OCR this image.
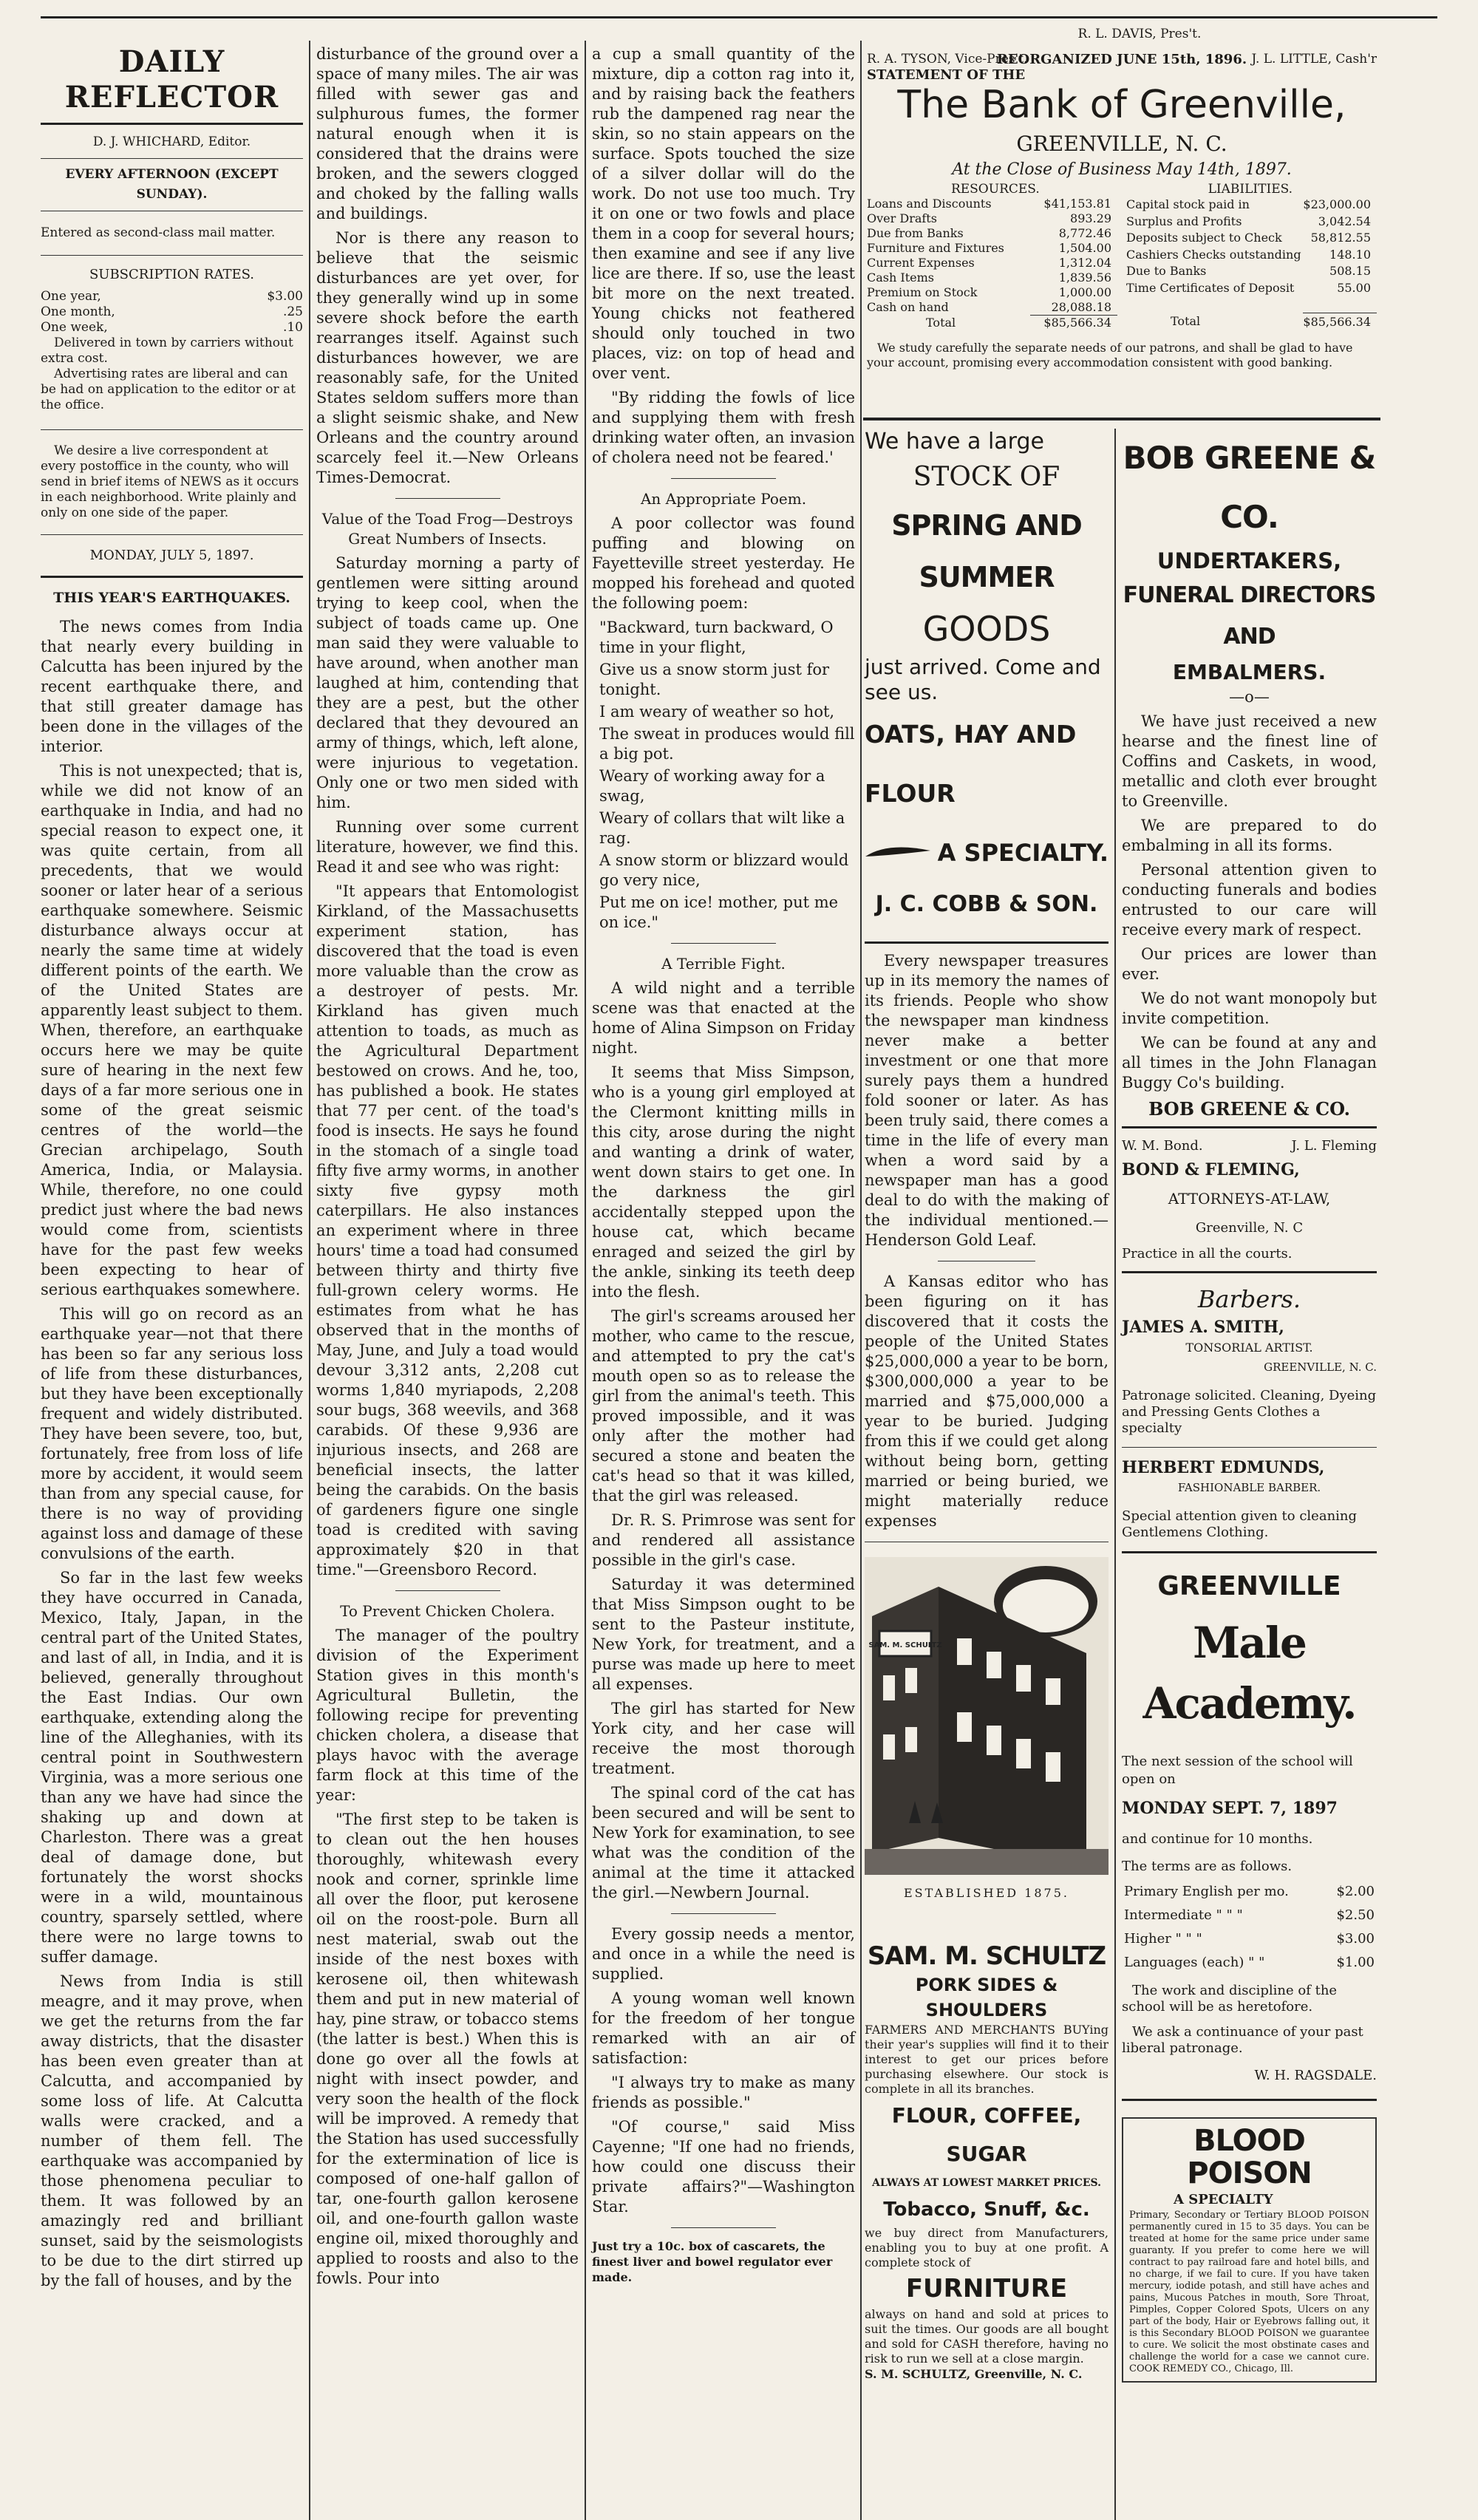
DAILY REFLECTOR
D. J. WHICHARD, Editor.
EVERY AFTERNOON (EXCEPT SUNDAY).
Entered as second-class mail matter.
SUBSCRIPTION RATES.
One year,	$3.00
One month,	.25
One week,	.10
Delivered in town by carriers without extra cost.
Advertising rates are liberal and can be had on application to the editor or at the office.
We desire a live correspondent at every postoffice in the county, who will send in brief items of NEWS as it occurs in each neighborhood. Write plainly and only on one side of the paper.
MONDAY, JULY 5, 1897.
THIS YEAR'S EARTHQUAKES.

The news comes from India that nearly every building in Calcutta has been injured by the recent earthquake there, and that still greater damage has been done in the villages of the interior.

This is not unexpected; that is, while we did not know of an earthquake in India, and had no special reason to expect one, it was quite certain, from all precedents, that we would sooner or later hear of a serious earthquake somewhere. Seismic disturbance always occur at nearly the same time at widely different points of the earth. We of the United States are apparently least subject to them. When, therefore, an earthquake occurs here we may be quite sure of hearing in the next few days of a far more serious one in some of the great seismic centres of the world—the Grecian archipelago, South America, India, or Malaysia. While, therefore, no one could predict just where the bad news would come from, scientists have for the past few weeks been expecting to hear of serious earthquakes somewhere.

This will go on record as an earthquake year—not that there has been so far any serious loss of life from these disturbances, but they have been exceptionally frequent and widely distributed. They have been severe, too, but, fortunately, free from loss of life more by accident, it would seem than from any special cause, for there is no way of providing against loss and damage of these convulsions of the earth.

So far in the last few weeks they have occurred in Canada, Mexico, Italy, Japan, in the central part of the United States, and last of all, in India, and it is believed, generally throughout the East Indias. Our own earthquake, extending along the line of the Alleghanies, with its central point in Southwestern Virginia, was a more serious one than any we have had since the shaking up and down at Charleston. There was a great deal of damage done, but fortunately the worst shocks were in a wild, mountainous country, sparsely settled, where there were no large towns to suffer damage.

News from India is still meagre, and it may prove, when we get the returns from the far away districts, that the disaster has been even greater than at Calcutta, and accompanied by some loss of life. At Calcutta walls were cracked, and a number of them fell. The earthquake was accompanied by those phenomena peculiar to them. It was followed by an amazingly red and brilliant sunset, said by the seismologists to be due to the dirt stirred up by the fall of houses, and by the

disturbance of the ground over a space of many miles. The air was filled with sewer gas and sulphurous fumes, the former natural enough when it is considered that the drains were broken, and the sewers clogged and choked by the falling walls and buildings.

Nor is there any reason to believe that the seismic disturbances are yet over, for they generally wind up in some severe shock before the earth rearranges itself. Against such disturbances however, we are reasonably safe, for the United States seldom suffers more than a slight seismic shake, and New Orleans and the country around scarcely feel it.—New Orleans Times-Democrat.

Value of the Toad Frog—Destroys Great Numbers of Insects.

Saturday morning a party of gentlemen were sitting around trying to keep cool, when the subject of toads came up. One man said they were valuable to have around, when another man laughed at him, contending that they are a pest, but the other declared that they devoured an army of things, which, left alone, were injurious to vegetation. Only one or two men sided with him.

Running over some current literature, however, we find this. Read it and see who was right:

"It appears that Entomologist Kirkland, of the Massachusetts experiment station, has discovered that the toad is even more valuable than the crow as a destroyer of pests. Mr. Kirkland has given much attention to toads, as much as the Agricultural Department bestowed on crows. And he, too, has published a book. He states that 77 per cent. of the toad's food is insects. He says he found in the stomach of a single toad fifty five army worms, in another sixty five gypsy moth caterpillars. He also instances an experiment where in three hours' time a toad had consumed between thirty and thirty five full-grown celery worms. He estimates from what he has observed that in the months of May, June, and July a toad would devour 3,312 ants, 2,208 cut worms 1,840 myriapods, 2,208 sour bugs, 368 weevils, and 368 carabids. Of these 9,936 are injurious insects, and 268 are beneficial insects, the latter being the carabids. On the basis of gardeners figure one single toad is credited with saving approximately $20 in that time."—Greensboro Record.

To Prevent Chicken Cholera.

The manager of the poultry division of the Experiment Station gives in this month's Agricultural Bulletin, the following recipe for preventing chicken cholera, a disease that plays havoc with the average farm flock at this time of the year:

"The first step to be taken is to clean out the hen houses thoroughly, whitewash every nook and corner, sprinkle lime all over the floor, put kerosene oil on the roost-pole. Burn all nest material, swab out the inside of the nest boxes with kerosene oil, then whitewash them and put in new material of hay, pine straw, or tobacco stems (the latter is best.) When this is done go over all the fowls at night with insect powder, and very soon the health of the flock will be improved. A remedy that the Station has used successfully for the extermination of lice is composed of one-half gallon of tar, one-fourth gallon kerosene oil, and one-fourth gallon waste engine oil, mixed thoroughly and applied to roosts and also to the fowls. Pour into

a cup a small quantity of the mixture, dip a cotton rag into it, and by raising back the feathers rub the dampened rag near the skin, so no stain appears on the surface. Spots touched the size of a silver dollar will do the work. Do not use too much. Try it on one or two fowls and place them in a coop for several hours; then examine and see if any live lice are there. If so, use the least bit more on the next treated. Young chicks not feathered should only touched in two places, viz: on top of head and over vent.

"By ridding the fowls of lice and supplying them with fresh drinking water often, an invasion of cholera need not be feared.'

An Appropriate Poem.

A poor collector was found puffing and blowing on Fayetteville street yesterday. He mopped his forehead and quoted the following poem:

"Backward, turn backward, O time in your flight,
Give us a snow storm just for tonight.
I am weary of weather so hot,
The sweat in produces would fill a big pot.
Weary of working away for a swag,
Weary of collars that wilt like a rag.
A snow storm or blizzard would go very nice,
Put me on ice! mother, put me on ice."
A Terrible Fight.

A wild night and a terrible scene was that enacted at the home of Alina Simpson on Friday night.

It seems that Miss Simpson, who is a young girl employed at the Clermont knitting mills in this city, arose during the night and wanting a drink of water, went down stairs to get one. In the darkness the girl accidentally stepped upon the house cat, which became enraged and seized the girl by the ankle, sinking its teeth deep into the flesh.

The girl's screams aroused her mother, who came to the rescue, and attempted to pry the cat's mouth open so as to release the girl from the animal's teeth. This proved impossible, and it was only after the mother had secured a stone and beaten the cat's head so that it was killed, that the girl was released.

Dr. R. S. Primrose was sent for and rendered all assistance possible in the girl's case.

Saturday it was determined that Miss Simpson ought to be sent to the Pasteur institute, New York, for treatment, and a purse was made up here to meet all expenses.

The girl has started for New York city, and her case will receive the most thorough treatment.

The spinal cord of the cat has been secured and will be sent to New York for examination, to see what was the condition of the animal at the time it attacked the girl.—Newbern Journal.

Every gossip needs a mentor, and once in a while the need is supplied.

A young woman well known for the freedom of her tongue remarked with an air of satisfaction:

"I always try to make as many friends as possible."

"Of course," said Miss Cayenne; "If one had no friends, how could one discuss their private affairs?"—Washington Star.

Just try a 10c. box of cascarets, the finest liver and bowel regulator ever made.
R. A. TYSON, Vice-Pres't.
R. L. DAVIS, Pres't.
J. L. LITTLE, Cash'r
REORGANIZED JUNE 15th, 1896.
STATEMENT OF THE
The Bank of Greenville,
GREENVILLE, N. C.
At the Close of Business May 14th, 1897.
RESOURCES.	LIABILITIES.
Loans and Discounts	$41,153.81
Over Drafts	893.29
Due from Banks	8,772.46
Furniture and Fixtures	1,504.00
Current Expenses	1,312.04
Cash Items	1,839.56
Premium on Stock	1,000.00
Cash on hand	28,088.18
Total	$85,566.34
Capital stock paid in	$23,000.00
Surplus and Profits	3,042.54
Deposits subject to Check	58,812.55
Cashiers Checks outstanding	148.10
Due to Banks	508.15
Time Certificates of Deposit	55.00

Total	$85,566.34
We study carefully the separate needs of our patrons, and shall be glad to have your account, promising every accommodation consistent with good banking.
We have a large
STOCK OF
SPRING AND SUMMER
GOODS
just arrived. Come and see us.
OATS, HAY AND FLOUR
A SPECIALTY.
J. C. COBB & SON.

Every newspaper treasures up in its memory the names of its friends. People who show the newspaper man kindness never make a better investment or one that more surely pays them a hundred fold sooner or later. As has been truly said, there comes a time in the life of every man when a word said by a newspaper man has a good deal to do with the making of the individual mentioned.—Henderson Gold Leaf.

A Kansas editor who has been figuring on it has discovered that it costs the people of the United States $25,000,000 a year to be born, $300,000,000 a year to be married and $75,000,000 a year to be buried. Judging from this if we could get along without being born, getting married or being buried, we might materially reduce expenses

SAM. M. SCHULTZ
ESTABLISHED 1875.
BOB GREENE & CO.
UNDERTAKERS,
FUNERAL DIRECTORS AND
EMBALMERS.
—o—

We have just received a new hearse and the finest line of Coffins and Caskets, in wood, metallic and cloth ever brought to Greenville.

We are prepared to do embalming in all its forms.

Personal attention given to conducting funerals and bodies entrusted to our care will receive every mark of respect.

Our prices are lower than ever.

We do not want monopoly but invite competition.

We can be found at any and all times in the John Flanagan Buggy Co's building.

BOB GREENE & CO.
W. M. Bond.	J. L. Fleming
BOND & FLEMING,
ATTORNEYS-AT-LAW,
Greenville, N. C
Practice in all the courts.
Barbers.
JAMES A. SMITH,
TONSORIAL ARTIST.
GREENVILLE, N. C.
Patronage solicited. Cleaning, Dyeing and Pressing Gents Clothes a specialty
HERBERT EDMUNDS,
FASHIONABLE BARBER.
Special attention given to cleaning Gentlemens Clothing.
GREENVILLE
Male Academy.
The next session of the school will open on
MONDAY SEPT. 7, 1897
and continue for 10 months.
The terms are as follows.
Primary English per mo.	$2.00
Intermediate " " "	$2.50
Higher " " "	$3.00
Languages (each) " "	$1.00
The work and discipline of the school will be as heretofore.
We ask a continuance of your past liberal patronage.
W. H. RAGSDALE.
BLOOD POISON
A SPECIALTY
Primary, Secondary or Tertiary BLOOD POISON permanently cured in 15 to 35 days. You can be treated at home for the same price under same guaranty. If you prefer to come here we will contract to pay railroad fare and hotel bills, and no charge, if we fail to cure. If you have taken mercury, iodide potash, and still have aches and pains, Mucous Patches in mouth, Sore Throat, Pimples, Copper Colored Spots, Ulcers on any part of the body, Hair or Eyebrows falling out, it is this Secondary BLOOD POISON we guarantee to cure. We solicit the most obstinate cases and challenge the world for a case we cannot cure. COOK REMEDY CO., Chicago, Ill.
SAM. M. SCHULTZ
PORK SIDES & SHOULDERS
FARMERS AND MERCHANTS BUYing their year's supplies will find it to their interest to get our prices before purchasing elsewhere. Our stock is complete in all its branches.
FLOUR, COFFEE, SUGAR
ALWAYS AT LOWEST MARKET PRICES.
Tobacco, Snuff, &c.
we buy direct from Manufacturers, enabling you to buy at one profit. A complete stock of
FURNITURE
always on hand and sold at prices to suit the times. Our goods are all bought and sold for CASH therefore, having no risk to run we sell at a close margin.
S. M. SCHULTZ, Greenville, N. C.
